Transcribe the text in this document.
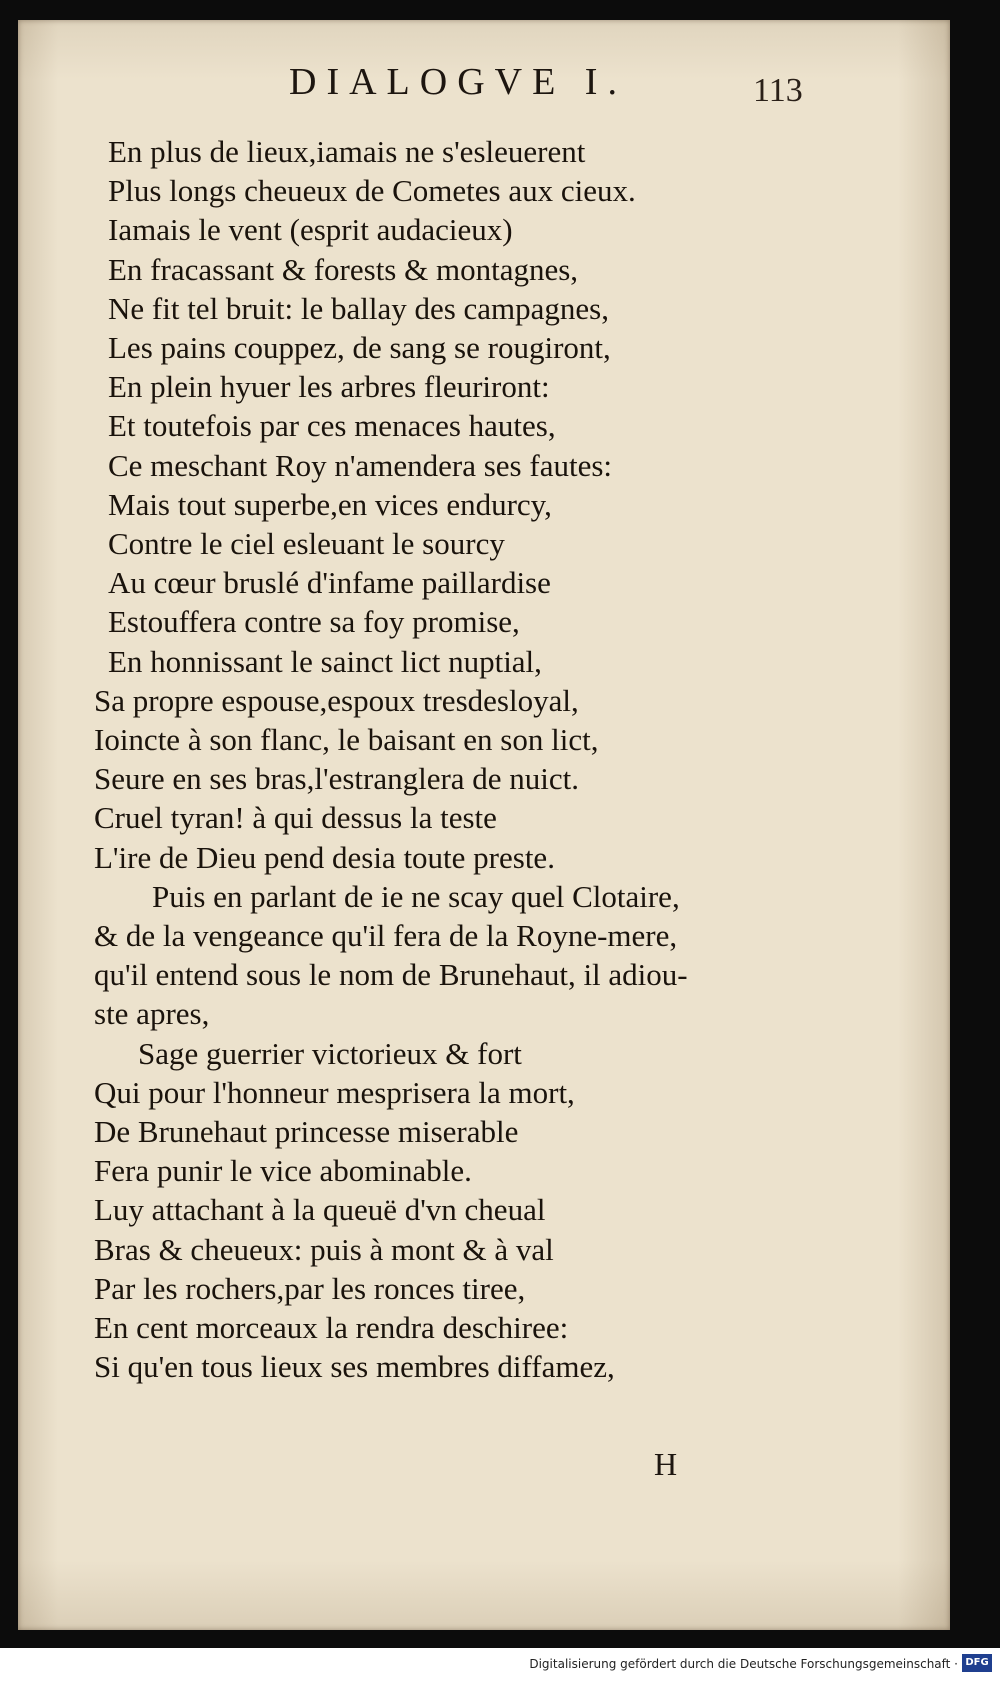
DIALOGVE I.	113
En plus de lieux,iamais ne s'esleuerent
Plus longs cheueux de Cometes aux cieux.
Iamais le vent (esprit audacieux)
En fracassant & forests & montagnes,
Ne fit tel bruit: le ballay des campagnes,
Les pains couppez, de sang se rougiront,
En plein hyuer les arbres fleuriront:
Et toutefois par ces menaces hautes,
Ce meschant Roy n'amendera ses fautes:
Mais tout superbe,en vices endurcy,
Contre le ciel esleuant le sourcy
Au cœur bruslé d'infame paillardise
Estouffera contre sa foy promise,
En honnissant le sainct lict nuptial,
Sa propre espouse,espoux tresdesloyal,
Ioincte à son flanc, le baisant en son lict,
Seure en ses bras,l'estranglera de nuict.
Cruel tyran! à qui dessus la teste
L'ire de Dieu pend desia toute preste.
Puis en parlant de ie ne scay quel Clotaire,
& de la vengeance qu'il fera de la Royne-mere,
qu'il entend sous le nom de Brunehaut, il adiou-
ste apres,
Sage guerrier victorieux & fort
Qui pour l'honneur mesprisera la mort,
De Brunehaut princesse miserable
Fera punir le vice abominable.
Luy attachant à la queuë d'vn cheual
Bras & cheueux: puis à mont & à val
Par les rochers,par les ronces tiree,
En cent morceaux la rendra deschiree:
Si qu'en tous lieux ses membres diffamez,
H
Digitalisierung gefördert durch die Deutsche Forschungsgemeinschaft · DFG
